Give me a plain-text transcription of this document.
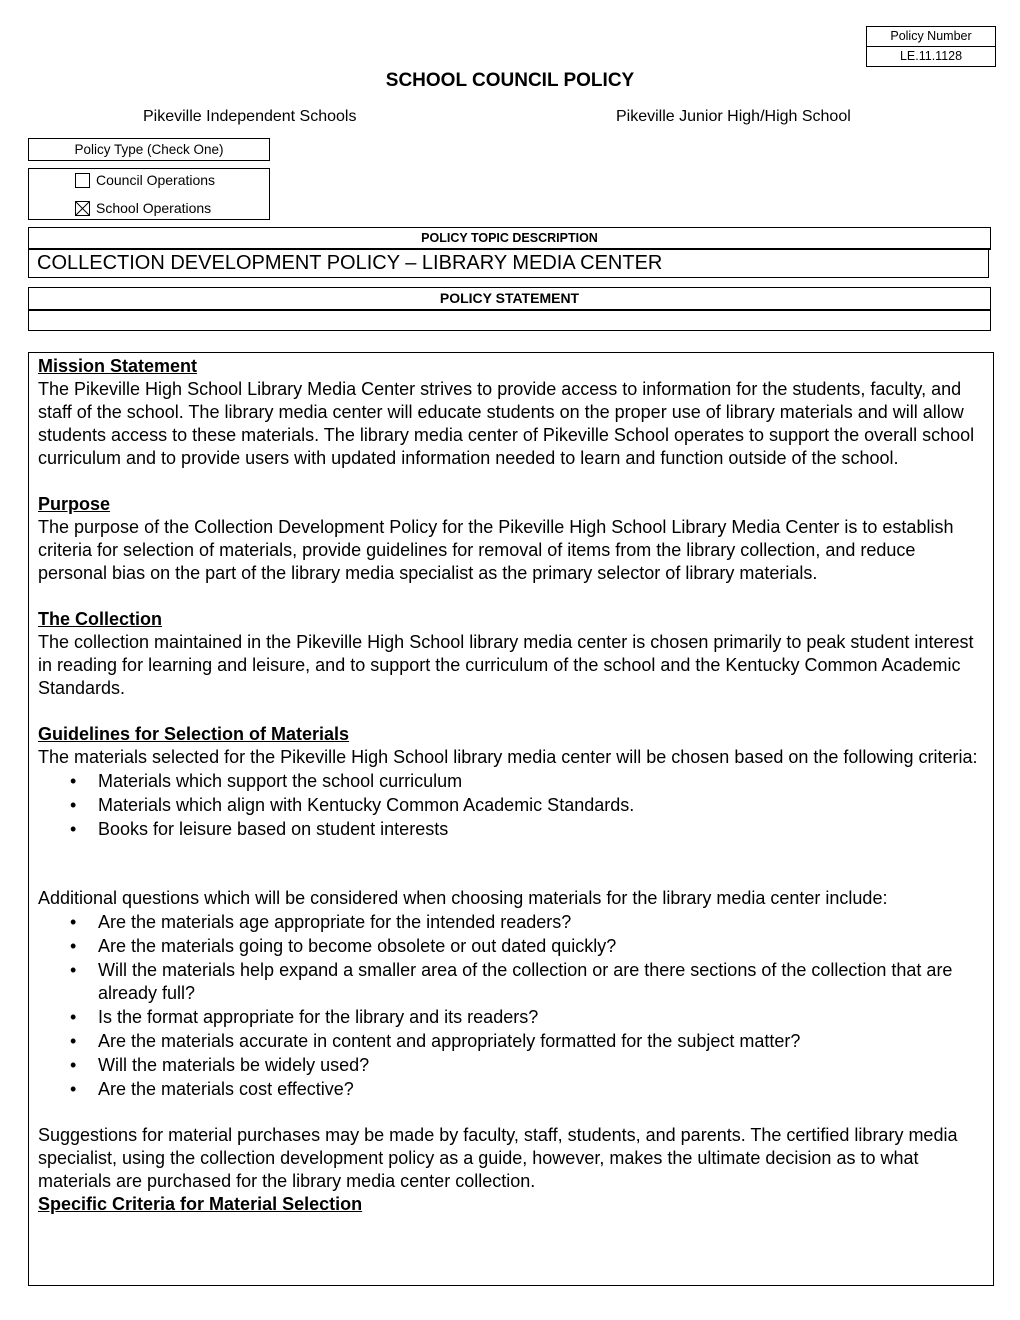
Policy Number
LE.11.1128
SCHOOL COUNCIL POLICY
Pikeville Independent Schools	Pikeville Junior High/High School
Policy Type (Check One)
Council Operations
School Operations
POLICY TOPIC DESCRIPTION
COLLECTION DEVELOPMENT POLICY – LIBRARY MEDIA CENTER
POLICY STATEMENT
Mission Statement

The Pikeville High School Library Media Center strives to provide access to information for the students, faculty, and staff of the school. The library media center will educate students on the proper use of library materials and will allow students access to these materials. The library media center of Pikeville School operates to support the overall school curriculum and to provide users with updated information needed to learn and function outside of the school.

Purpose

The purpose of the Collection Development Policy for the Pikeville High School Library Media Center is to establish criteria for selection of materials, provide guidelines for removal of items from the library collection, and reduce personal bias on the part of the library media specialist as the primary selector of library materials.

The Collection

The collection maintained in the Pikeville High School library media center is chosen primarily to peak student interest in reading for learning and leisure, and to support the curriculum of the school and the Kentucky Common Academic Standards.

Guidelines for Selection of Materials

The materials selected for the Pikeville High School library media center will be chosen based on the following criteria:

• Materials which support the school curriculum
• Materials which align with Kentucky Common Academic Standards.
• Books for leisure based on student interests

Additional questions which will be considered when choosing materials for the library media center include:

• Are the materials age appropriate for the intended readers?
• Are the materials going to become obsolete or out dated quickly?
• Will the materials help expand a smaller area of the collection or are there sections of the collection that are already full?
• Is the format appropriate for the library and its readers?
• Are the materials accurate in content and appropriately formatted for the subject matter?
• Will the materials be widely used?
• Are the materials cost effective?

Suggestions for material purchases may be made by faculty, staff, students, and parents. The certified library media specialist, using the collection development policy as a guide, however, makes the ultimate decision as to what materials are purchased for the library media center collection.

Specific Criteria for Material Selection
